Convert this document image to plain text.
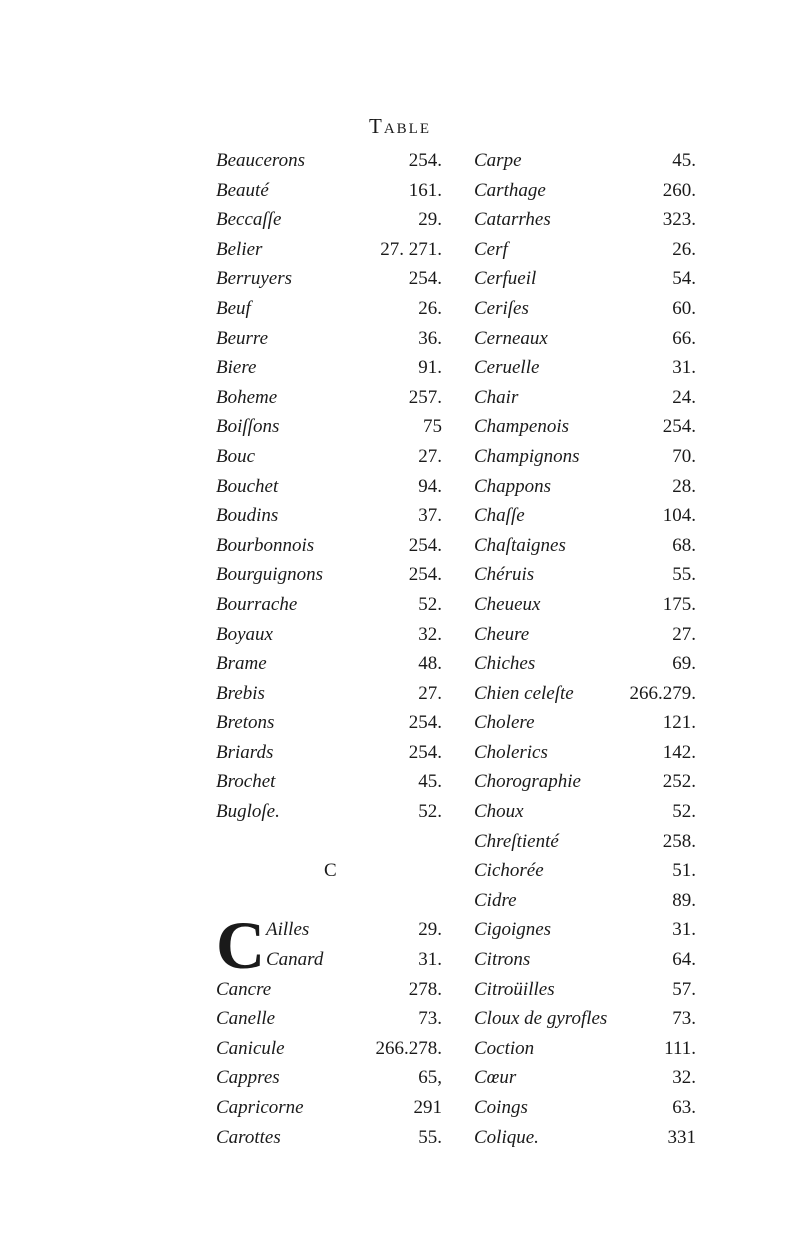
Table
Beaucerons	254.
Beauté	161.
Beccaſſe	29.
Belier	27. 271.
Berruyers	254.
Beuf	26.
Beurre	36.
Biere	91.
Boheme	257.
Boiſſons	75
Bouc	27.
Bouchet	94.
Boudins	37.
Bourbonnois	254.
Bourguignons	254.
Bourrache	52.
Boyaux	32.
Brame	48.
Brebis	27.
Bretons	254.
Briards	254.
Brochet	45.
Bugloſe.	52.
C
C Ailles	29.
Canard	31.
Cancre	278.
Canelle	73.
Canicule	266.278.
Cappres	65,
Capricorne	291
Carottes	55.
Carpe	45.
Carthage	260.
Catarrhes	323.
Cerf	26.
Cerfueil	54.
Ceriſes	60.
Cerneaux	66.
Ceruelle	31.
Chair	24.
Champenois	254.
Champignons	70.
Chappons	28.
Chaſſe	104.
Chaſtaignes	68.
Chéruis	55.
Cheueux	175.
Cheure	27.
Chiches	69.
Chien celeſte	266.279.
Cholere	121.
Cholerics	142.
Chorographie	252.
Choux	52.
Chreſtienté	258.
Cichorée	51.
Cidre	89.
Cigoignes	31.
Citrons	64.
Citroüilles	57.
Cloux de gyrofles	73.
Coction	111.
Cœur	32.
Coings	63.
Colique.	331
